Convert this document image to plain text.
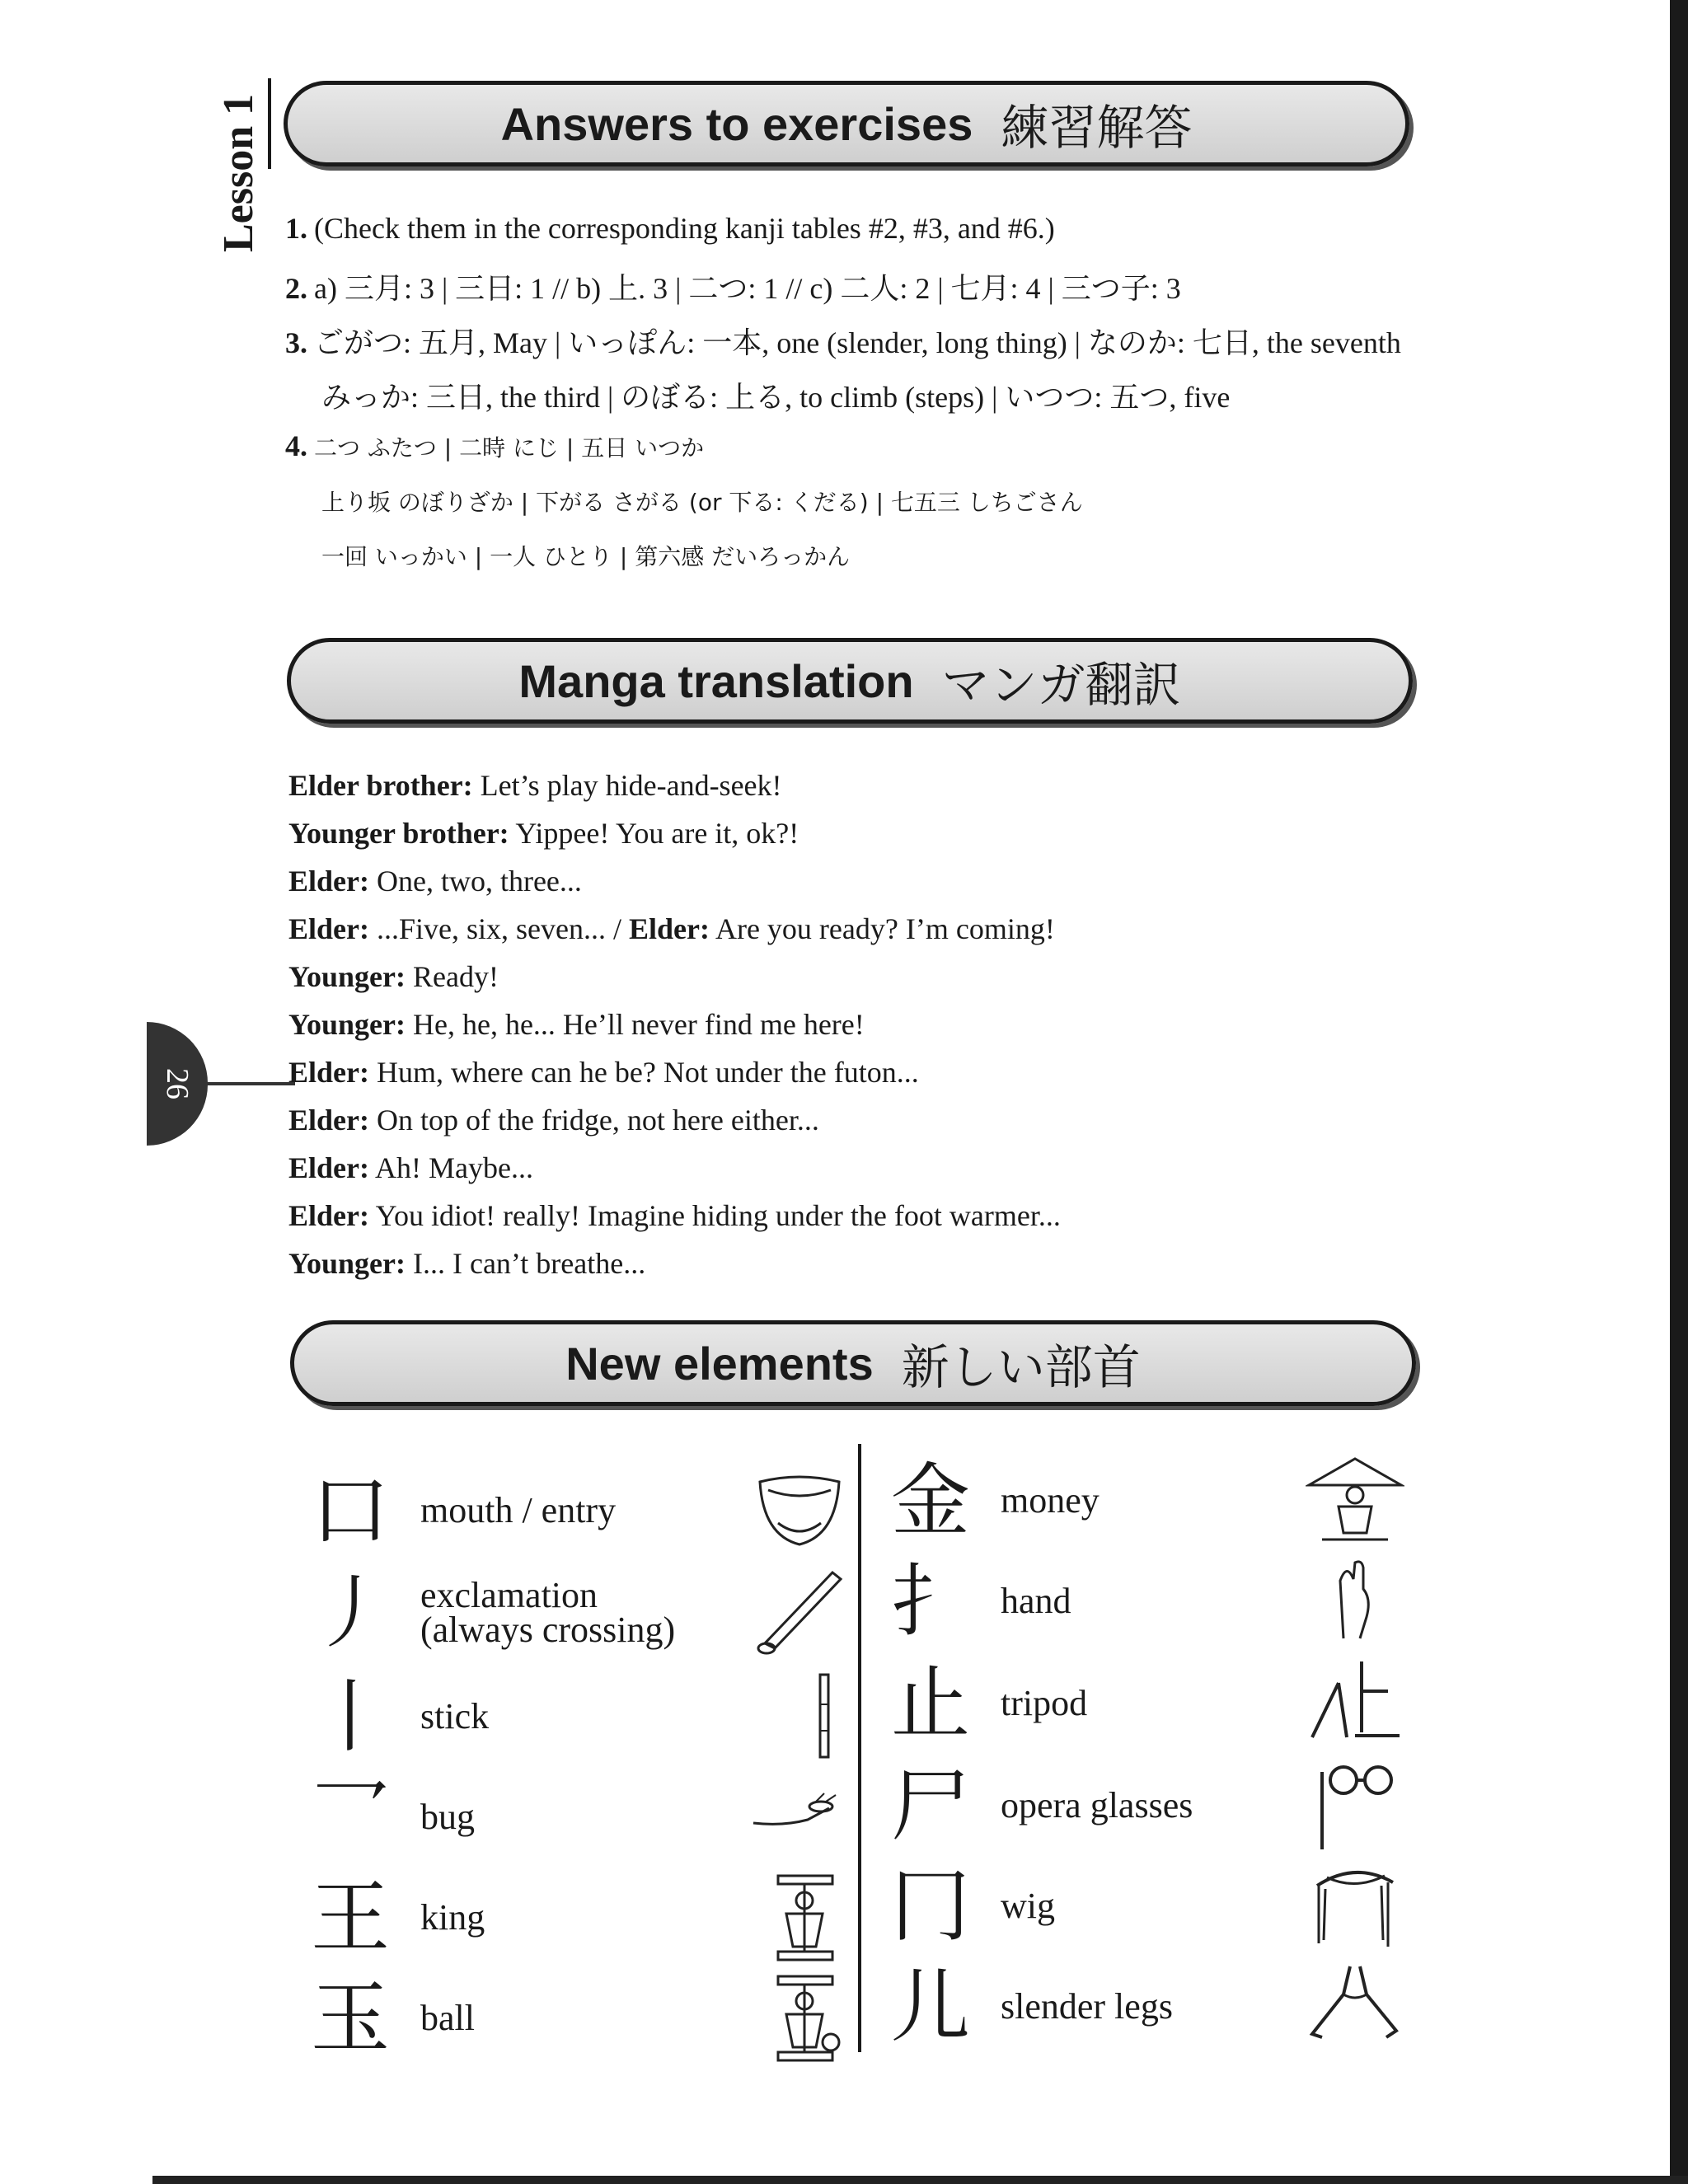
Lesson 1
26
Answers to exercises 練習解答
1. (Check them in the corresponding kanji tables #2, #3, and #6.)
2. a) 三月: 3 | 三日: 1 // b) 上. 3 | 二つ: 1 // c) 二人: 2 | 七月: 4 | 三つ子: 3
3. ごがつ: 五月, May | いっぽん: 一本, one (slender, long thing) | なのか: 七日, the seventh
みっか: 三日, the third | のぼる: 上る, to climb (steps) | いつつ: 五つ, five
4. 二つ ふたつ | 二時 にじ | 五日 いつか
上り坂 のぼりざか | 下がる さがる (or 下る: くだる) | 七五三 しちごさん
一回 いっかい | 一人 ひとり | 第六感 だいろっかん
Manga translation マンガ翻訳
Elder brother: Let’s play hide-and-seek!
Younger brother: Yippee! You are it, ok?!
Elder: One, two, three...
Elder: ...Five, six, seven... / Elder: Are you ready? I’m coming!
Younger: Ready!
Younger: He, he, he... He’ll never find me here!
Elder: Hum, where can he be? Not under the futon...
Elder: On top of the fridge, not here either...
Elder: Ah! Maybe...
Elder: You idiot! really! Imagine hiding under the foot warmer...
Younger: I... I can’t breathe...
New elements 新しい部首
口 mouth / entry
丿 exclamation (always crossing)
丨 stick
乛 bug
王 king
玉 ball
金 money
扌 hand
止 tripod
尸 opera glasses
冂 wig
儿 slender legs
